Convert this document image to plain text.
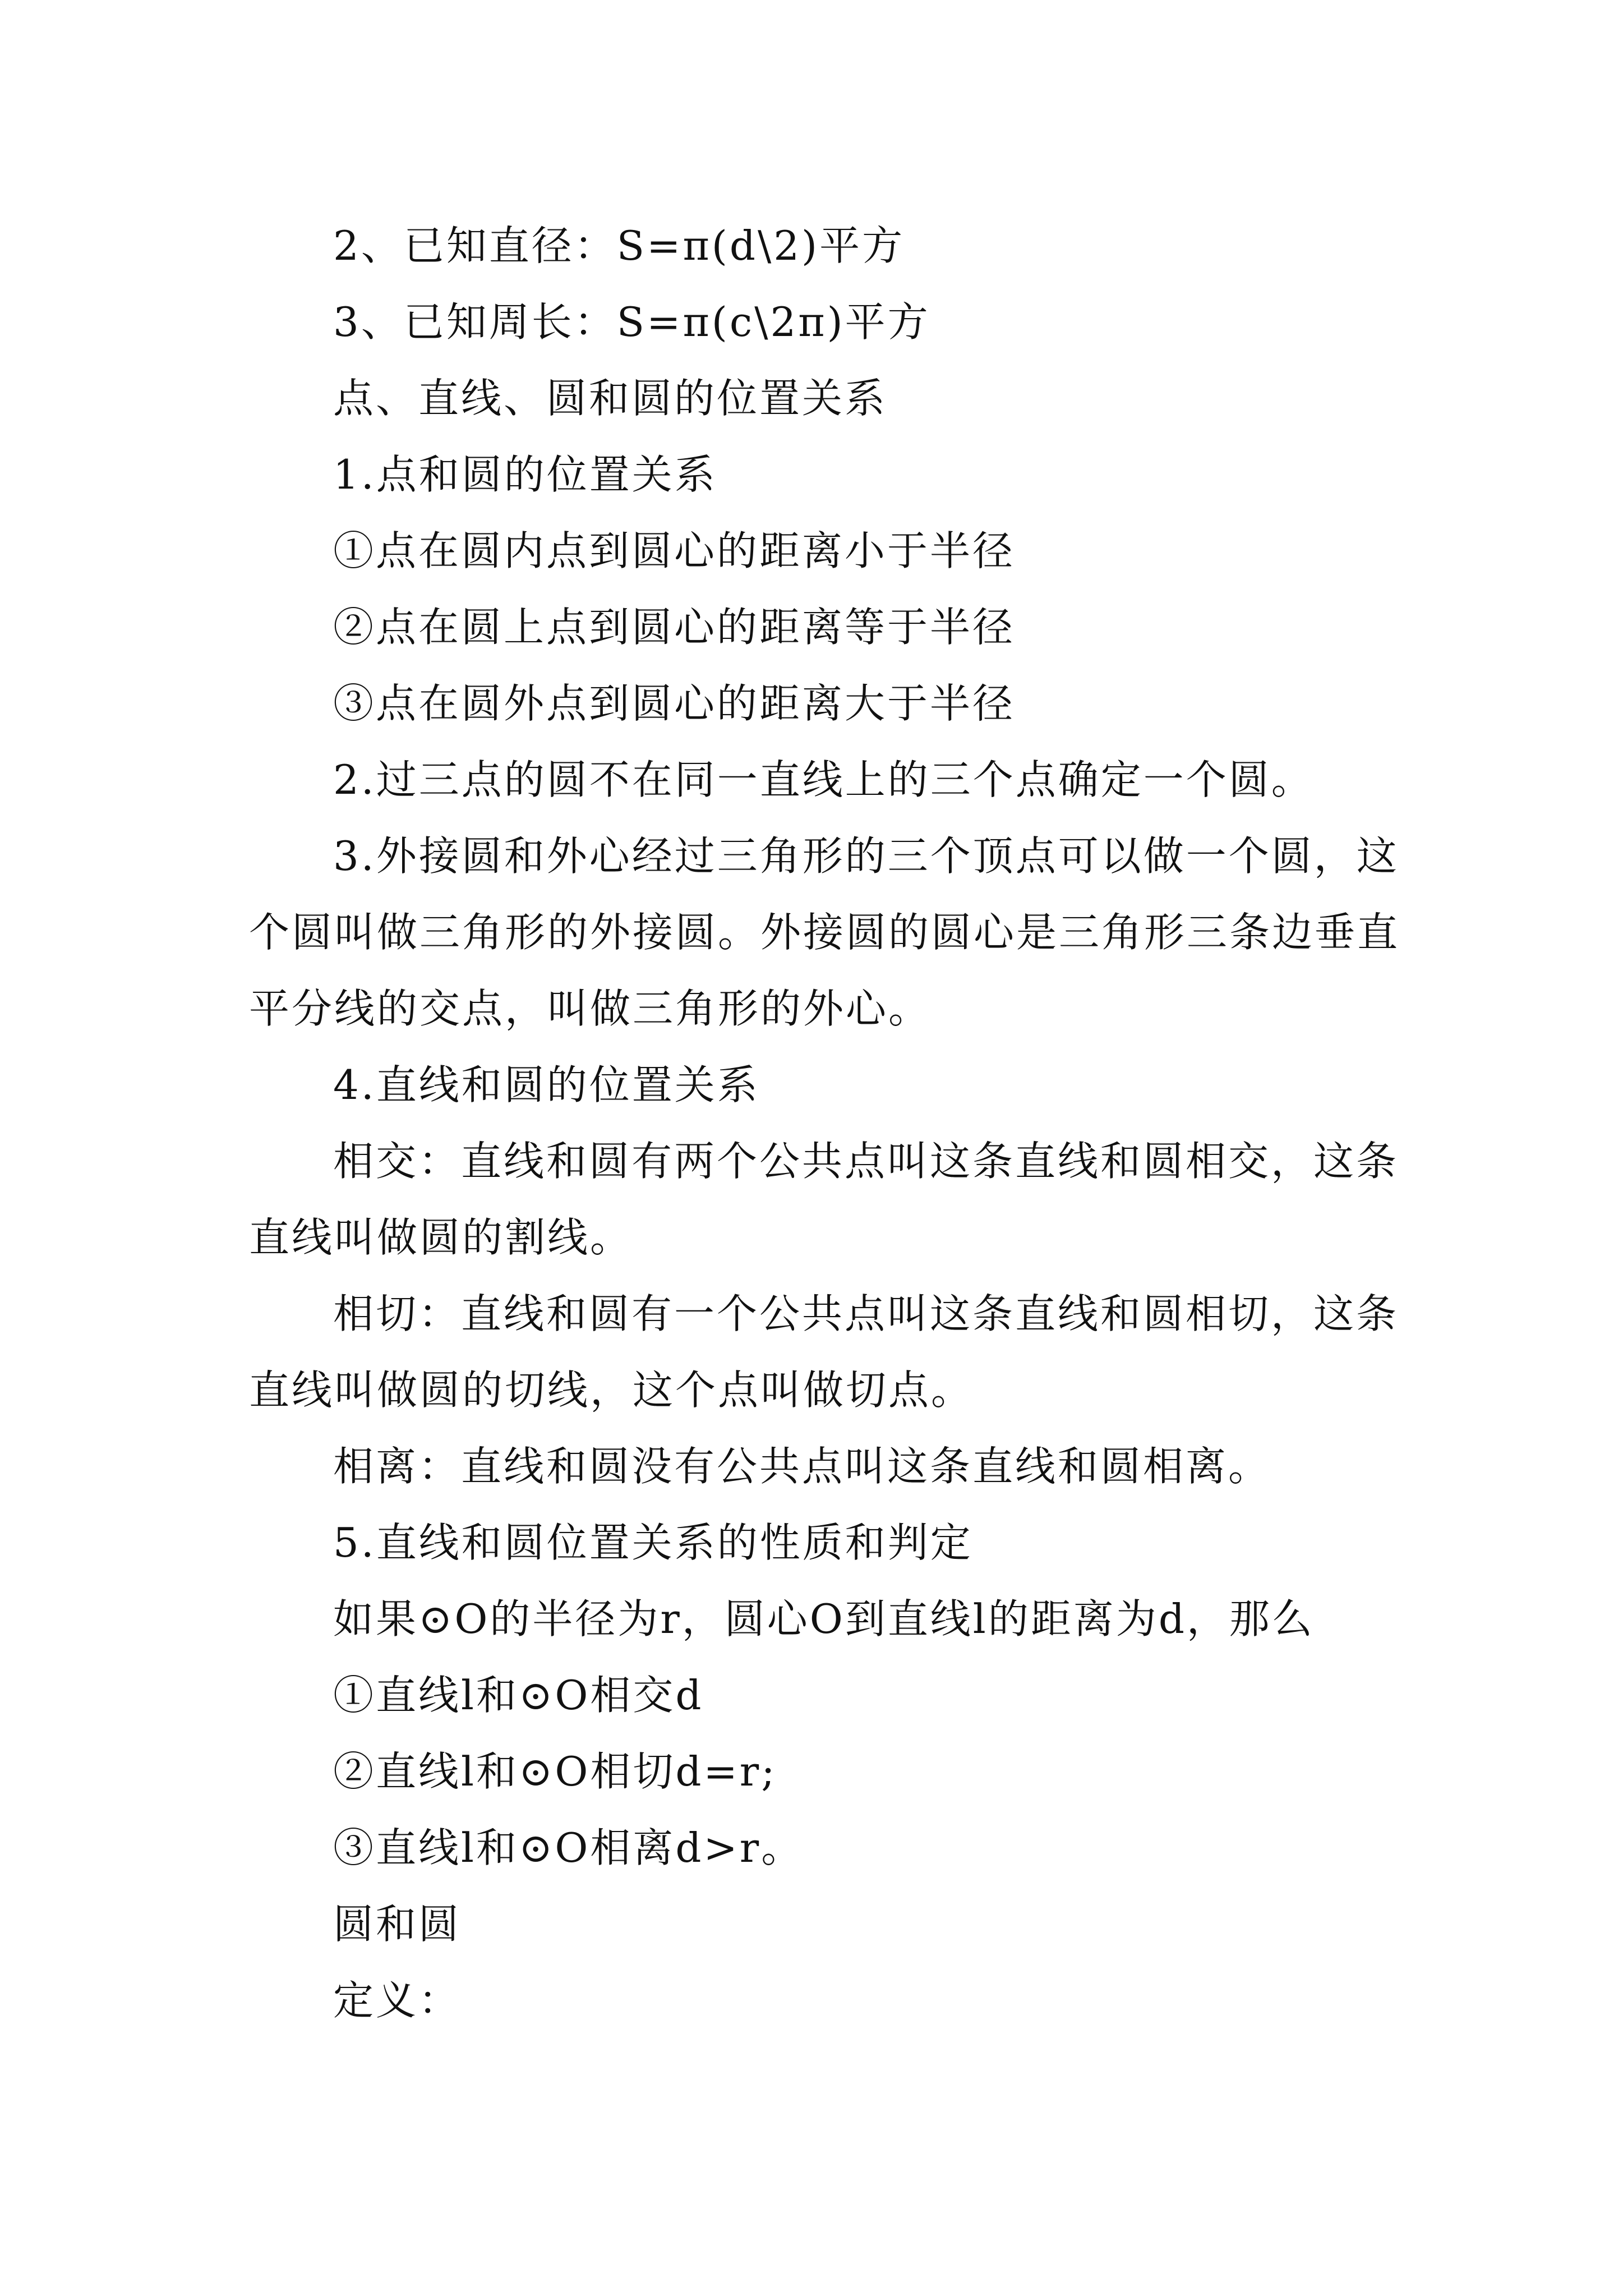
2、已知直径：S=π(d\2)平方

3、已知周长：S=π(c\2π)平方

点、直线、圆和圆的位置关系

1.点和圆的位置关系

①点在圆内点到圆心的距离小于半径

②点在圆上点到圆心的距离等于半径

③点在圆外点到圆心的距离大于半径

2.过三点的圆不在同一直线上的三个点确定一个圆。

3.外接圆和外心经过三角形的三个顶点可以做一个圆，这个圆叫做三角形的外接圆。外接圆的圆心是三角形三条边垂直平分线的交点，叫做三角形的外心。

4.直线和圆的位置关系

相交：直线和圆有两个公共点叫这条直线和圆相交，这条直线叫做圆的割线。

相切：直线和圆有一个公共点叫这条直线和圆相切，这条直线叫做圆的切线，这个点叫做切点。

相离：直线和圆没有公共点叫这条直线和圆相离。

5.直线和圆位置关系的性质和判定

如果⊙O的半径为r，圆心O到直线l的距离为d，那么

①直线l和⊙O相交d

②直线l和⊙O相切d=r;

③直线l和⊙O相离d>r。

圆和圆

定义：
